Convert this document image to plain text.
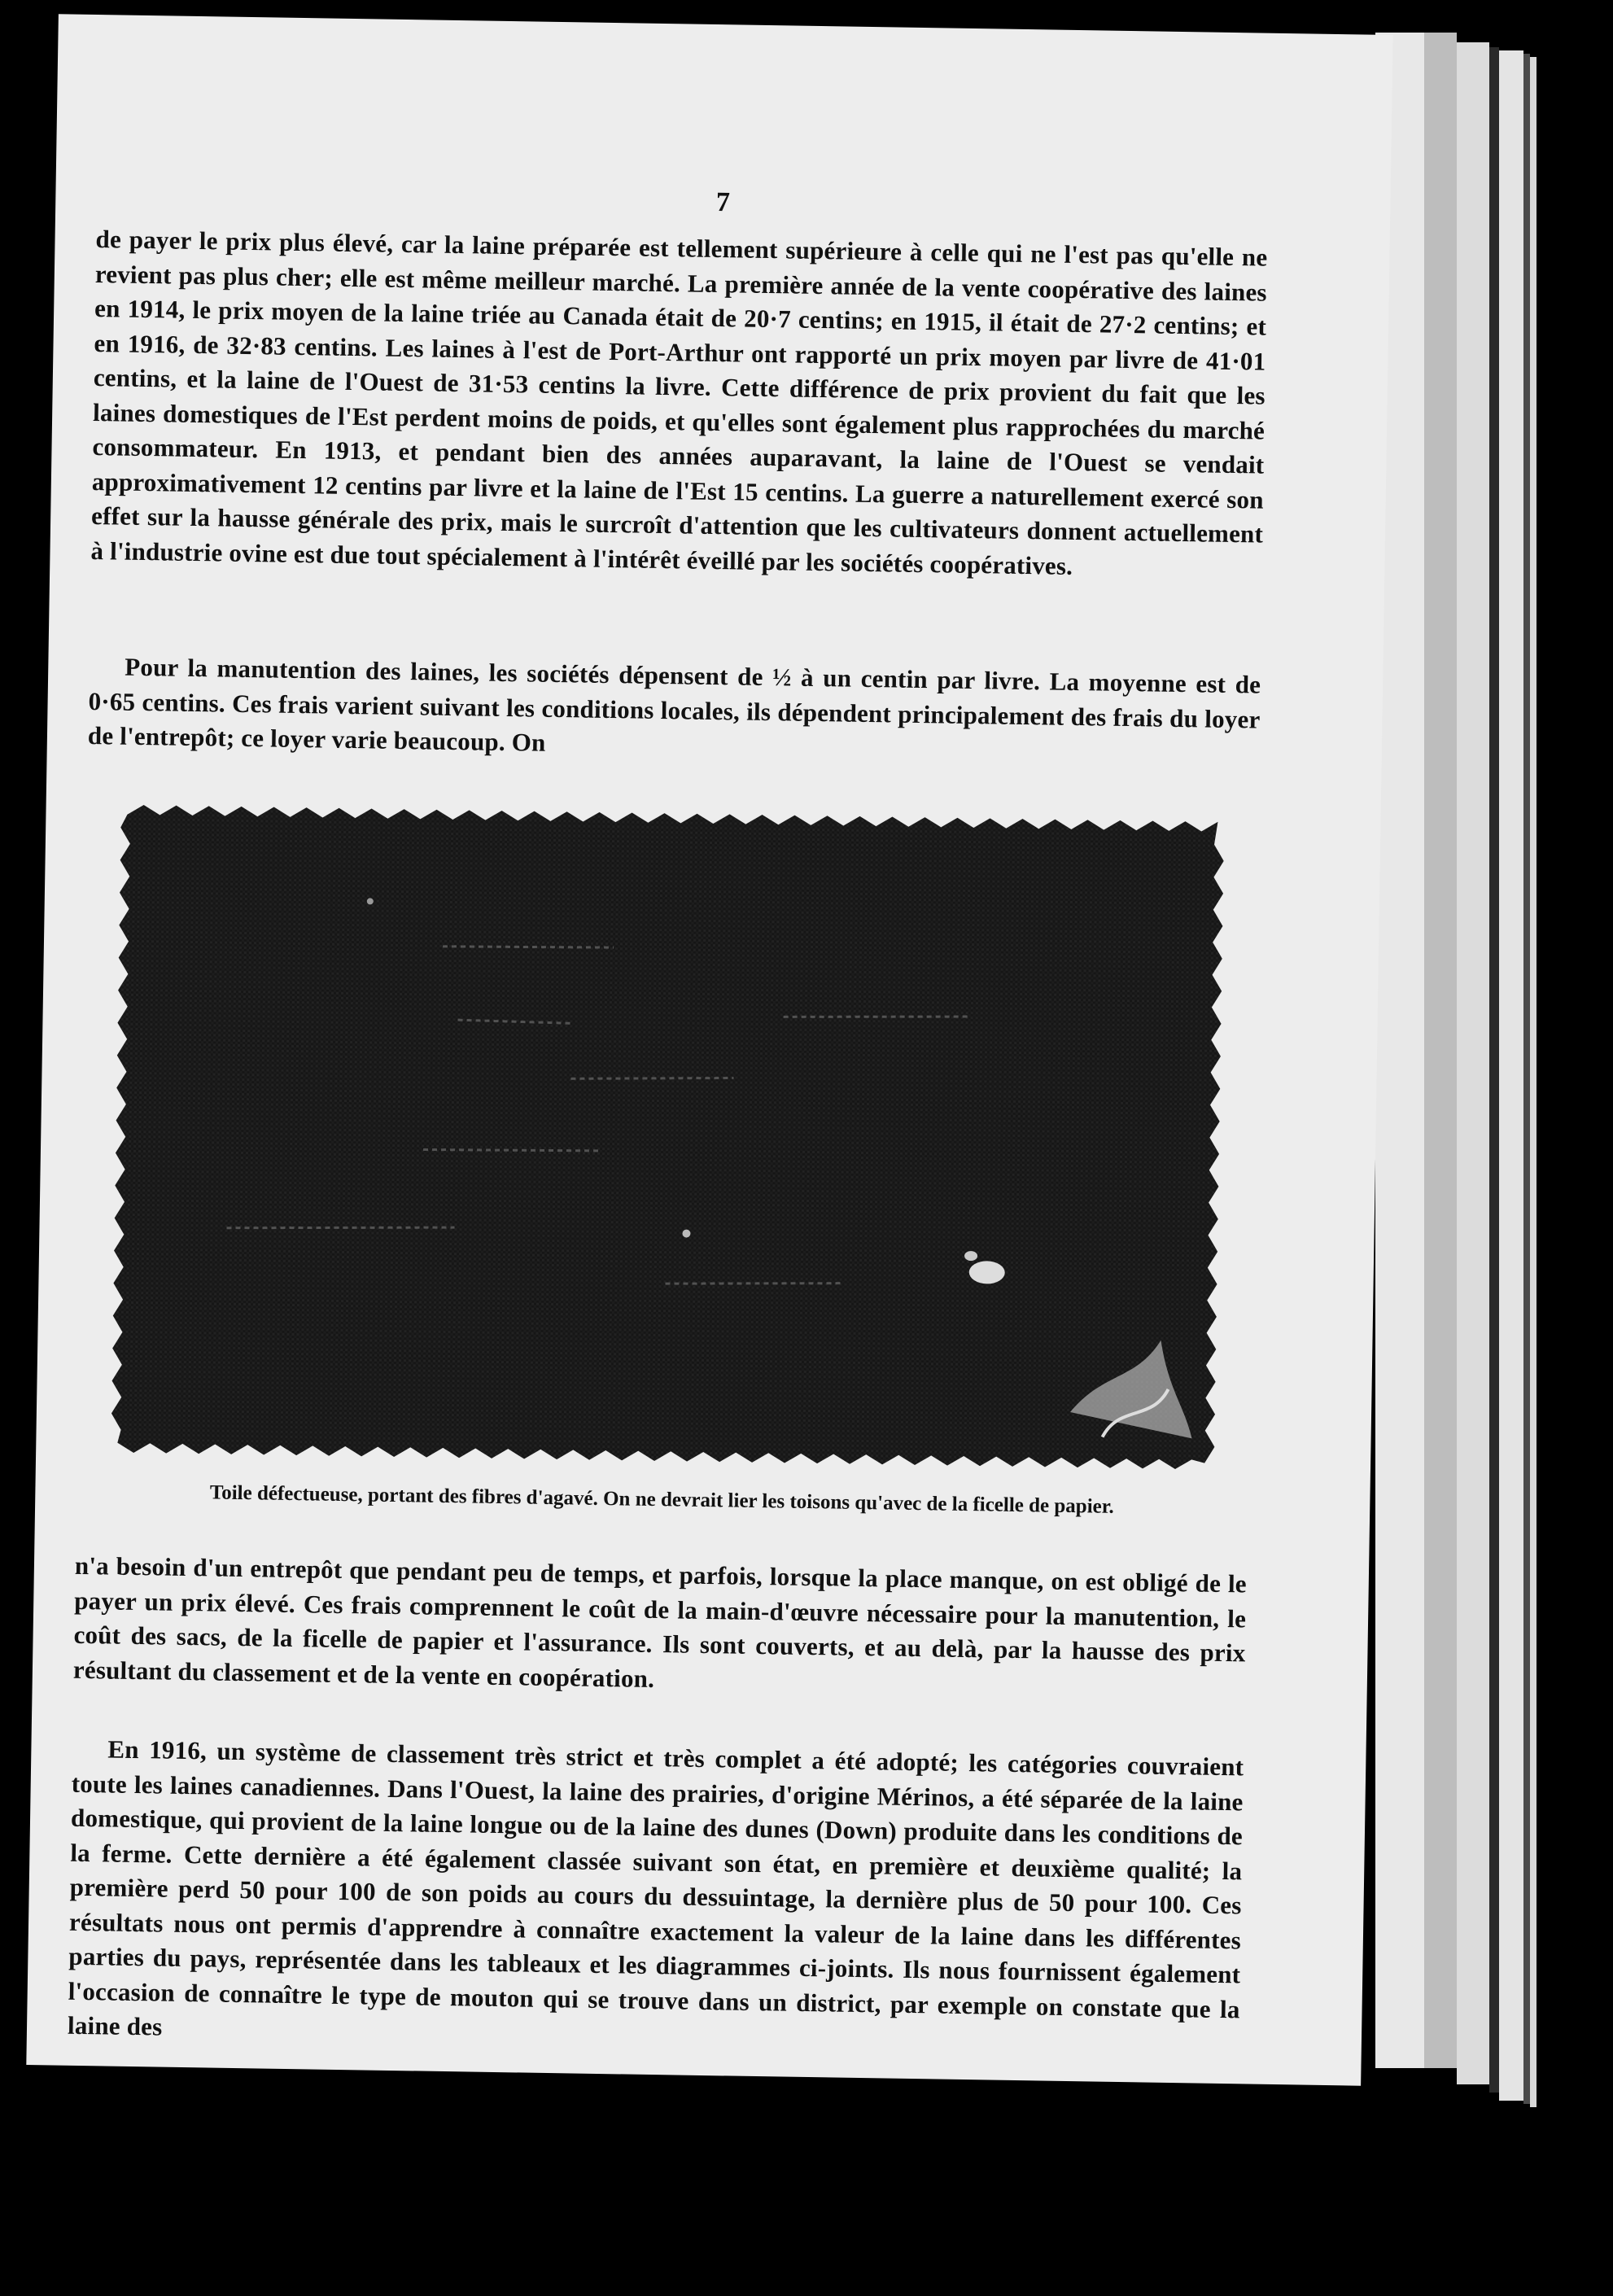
7

de payer le prix plus élevé, car la laine préparée est tellement supérieure à celle qui ne l'est pas qu'elle ne revient pas plus cher; elle est même meilleur marché. La première année de la vente coopérative des laines en 1914, le prix moyen de la laine triée au Canada était de 20·7 centins; en 1915, il était de 27·2 centins; et en 1916, de 32·83 centins. Les laines à l'est de Port-Arthur ont rapporté un prix moyen par livre de 41·01 centins, et la laine de l'Ouest de 31·53 centins la livre. Cette différence de prix provient du fait que les laines domestiques de l'Est perdent moins de poids, et qu'elles sont également plus rapprochées du marché consommateur. En 1913, et pendant bien des années auparavant, la laine de l'Ouest se vendait approximativement 12 centins par livre et la laine de l'Est 15 centins. La guerre a naturellement exercé son effet sur la hausse générale des prix, mais le surcroît d'attention que les cultivateurs donnent actuellement à l'industrie ovine est due tout spécialement à l'intérêt éveillé par les sociétés coopératives.

Pour la manutention des laines, les sociétés dépensent de ½ à un centin par livre. La moyenne est de 0·65 centins. Ces frais varient suivant les conditions locales, ils dépendent principalement des frais du loyer de l'entrepôt; ce loyer varie beaucoup. On

Toile défectueuse, portant des fibres d'agavé. On ne devrait lier les toisons qu'avec de la ficelle de papier.

n'a besoin d'un entrepôt que pendant peu de temps, et parfois, lorsque la place manque, on est obligé de le payer un prix élevé. Ces frais comprennent le coût de la main-d'œuvre nécessaire pour la manutention, le coût des sacs, de la ficelle de papier et l'assurance. Ils sont couverts, et au delà, par la hausse des prix résultant du classement et de la vente en coopération.

En 1916, un système de classement très strict et très complet a été adopté; les catégories couvraient toute les laines canadiennes. Dans l'Ouest, la laine des prairies, d'origine Mérinos, a été séparée de la laine domestique, qui provient de la laine longue ou de la laine des dunes (Down) produite dans les conditions de la ferme. Cette dernière a été également classée suivant son état, en première et deuxième qualité; la première perd 50 pour 100 de son poids au cours du dessuintage, la dernière plus de 50 pour 100. Ces résultats nous ont permis d'apprendre à connaître exactement la valeur de la laine dans les différentes parties du pays, représentée dans les tableaux et les diagrammes ci-joints. Ils nous fournissent également l'occasion de connaître le type de mouton qui se trouve dans un district, par exemple on constate que la laine des
